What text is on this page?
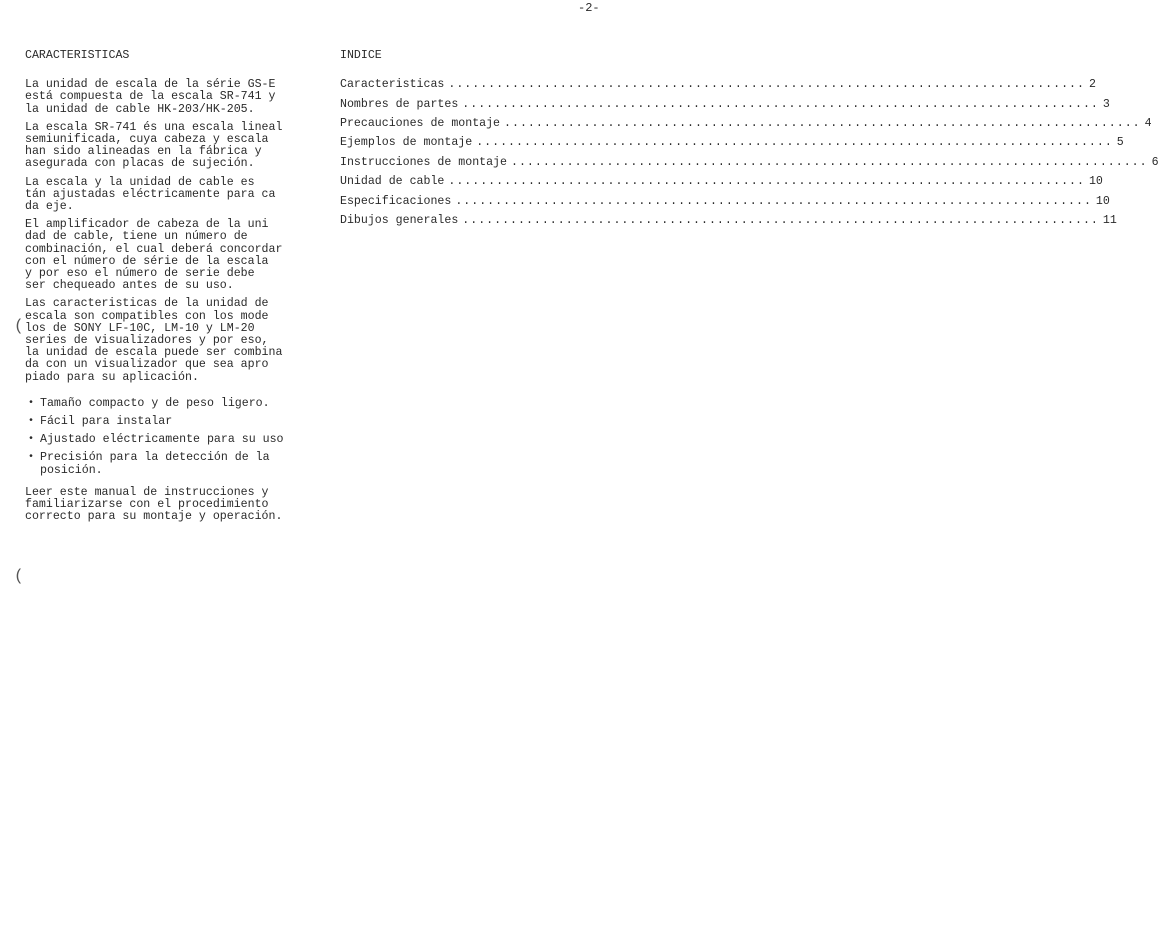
-2-
(
(
CARACTERISTICAS
La unidad de escala de la série GS-E
está compuesta de la escala SR-741 y
la unidad de cable HK-203/HK-205.
La escala SR-741 és una escala lineal
semiunificada, cuya cabeza y escala
han sido alineadas en la fábrica y
asegurada con placas de sujeción.
La escala y la unidad de cable es
tán ajustadas eléctricamente para ca
da eje.
El amplificador de cabeza de la uni
dad de cable, tiene un número de
combinación, el cual deberá concordar
con el número de série de la escala
y por eso el número de serie debe
ser chequeado antes de su uso.
Las caracteristicas de la unidad de
escala son compatibles con los mode
los de SONY LF-10C, LM-10 y LM-20
series de visualizadores y por eso,
la unidad de escala puede ser combina
da con un visualizador que sea apro
piado para su aplicación.
• Tamaño compacto y de peso ligero.
• Fácil para instalar
• Ajustado eléctricamente para su uso
• Precisión para la detección de la
posición.
Leer este manual de instrucciones y
familiarizarse con el procedimiento
correcto para su montaje y operación.
INDICE
Caracteristicas ................................................................................ 2
Nombres de partes ................................................................................ 3
Precauciones de montaje ................................................................................ 4
Ejemplos de montaje ................................................................................ 5
Instrucciones de montaje ................................................................................ 6
Unidad de cable ................................................................................ 10
Especificaciones ................................................................................ 10
Dibujos generales ................................................................................ 11
